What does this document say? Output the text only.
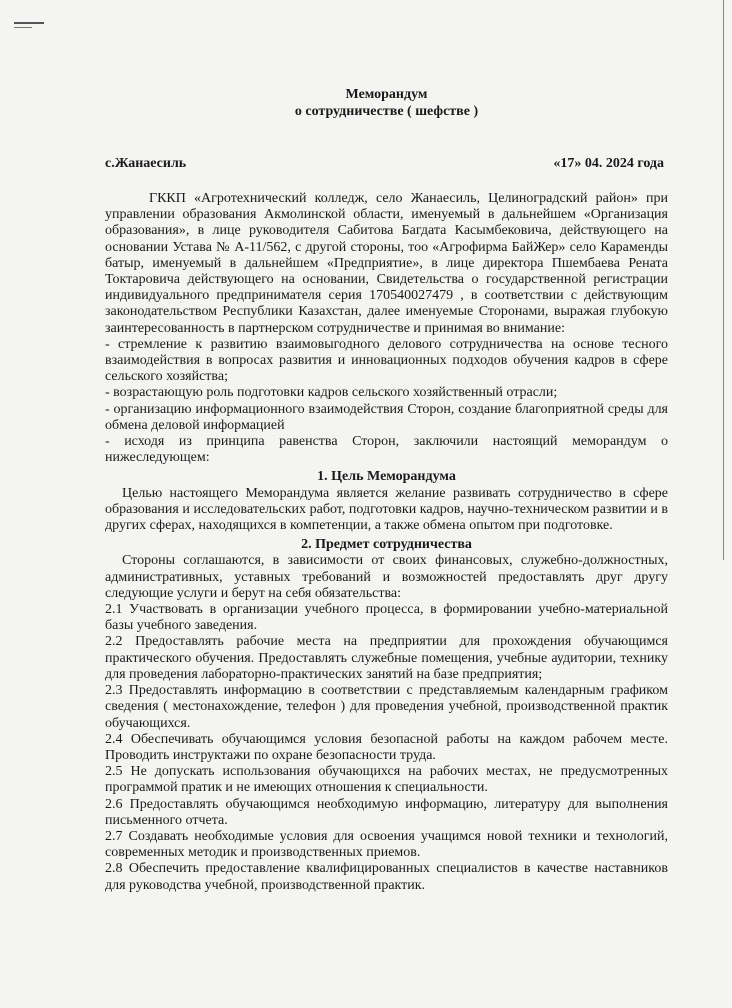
Меморандум
о сотрудничестве ( шефстве )
с.Жанаесиль	«17» 04. 2024 года

ГККП «Агротехнический колледж, село Жанаесиль, Целиноградский район» при управлении образования Акмолинской области, именуемый в дальнейшем «Организация образования», в лице руководителя Сабитова Багдата Касымбековича, действующего на основании Устава № А-11/562, с другой стороны, тоо «Агрофирма БайЖер» село Караменды батыр, именуемый в дальнейшем «Предприятие», в лице директора Пшембаева Рената Токтаровича действующего на основании, Свидетельства о государственной регистрации индивидуального предпринимателя серия 170540027479 , в соответствии с действующим законодательством Республики Казахстан, далее именуемые Сторонами, выражая глубокую заинтересованность в партнерском сотрудничестве и принимая во внимание:

- стремление к развитию взаимовыгодного делового сотрудничества на основе тесного взаимодействия в вопросах развития и инновационных подходов обучения кадров в сфере сельского хозяйства;

- возрастающую роль подготовки кадров сельского хозяйственный отрасли;

- организацию информационного взаимодействия Сторон, создание благоприятной среды для обмена деловой информацией

- исходя из принципа равенства Сторон, заключили настоящий меморандум о нижеследующем:

1. Цель Меморандума

Целью настоящего Меморандума является желание развивать сотрудничество в сфере образования и исследовательских работ, подготовки кадров, научно-техническом развитии и в других сферах, находящихся в компетенции, а также обмена опытом при подготовке.

2. Предмет сотрудничества

Стороны соглашаются, в зависимости от своих финансовых, служебно-должностных, административных, уставных требований и возможностей предоставлять друг другу следующие услуги и берут на себя обязательства:

2.1 Участвовать в организации учебного процесса, в формировании учебно-материальной базы учебного заведения.

2.2 Предоставлять рабочие места на предприятии для прохождения обучающимся практического обучения. Предоставлять служебные помещения, учебные аудитории, технику для проведения лабораторно-практических занятий на базе предприятия;

2.3 Предоставлять информацию в соответствии с представляемым календарным графиком сведения ( местонахождение, телефон ) для проведения учебной, производственной практик обучающихся.

2.4 Обеспечивать обучающимся условия безопасной работы на каждом рабочем месте. Проводить инструктажи по охране безопасности труда.

2.5 Не допускать использования обучающихся на рабочих местах, не предусмотренных программой пратик и не имеющих отношения к специальности.

2.6 Предоставлять обучающимся необходимую информацию, литературу для выполнения письменного отчета.

2.7 Создавать необходимые условия для освоения учащимся новой техники и технологий, современных методик и производственных приемов.

2.8 Обеспечить предоставление квалифицированных специалистов в качестве наставников для руководства учебной, производственной практик.
